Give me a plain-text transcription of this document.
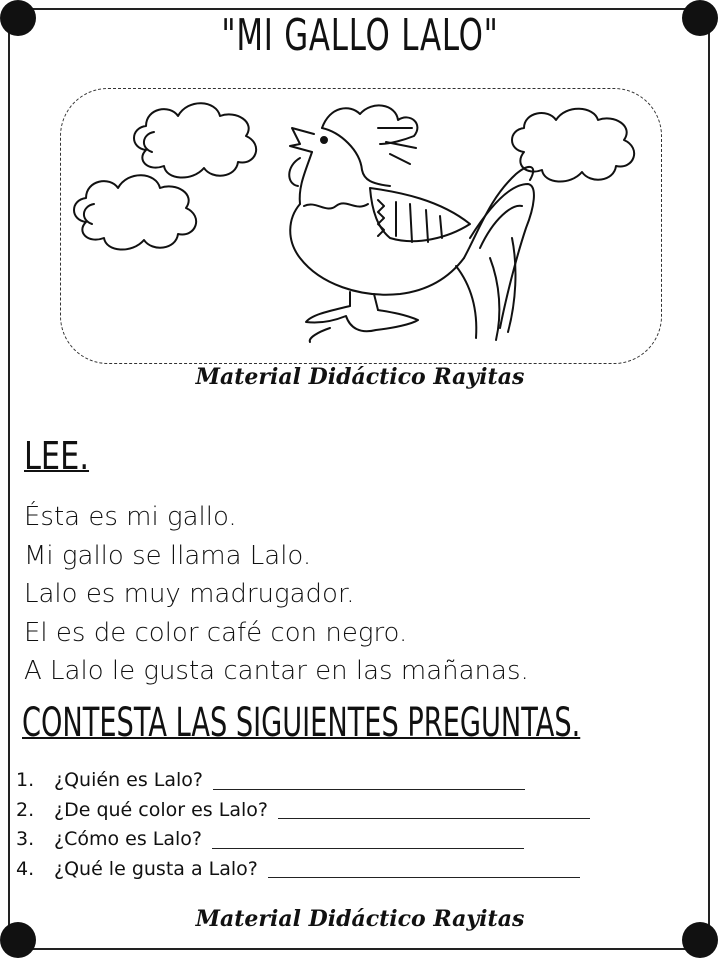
"MI GALLO LALO"
Material Didáctico Rayitas
LEE.
Ésta es mi gallo.
Mi gallo se llama Lalo.
Lalo es muy madrugador.
El es de color café con negro.
A Lalo le gusta cantar en las mañanas.
CONTESTA LAS SIGUIENTES PREGUNTAS.
1.	¿Quién es Lalo?
2.	¿De qué color es Lalo?
3.	¿Cómo es Lalo?
4.	¿Qué le gusta a Lalo?
Material Didáctico Rayitas
